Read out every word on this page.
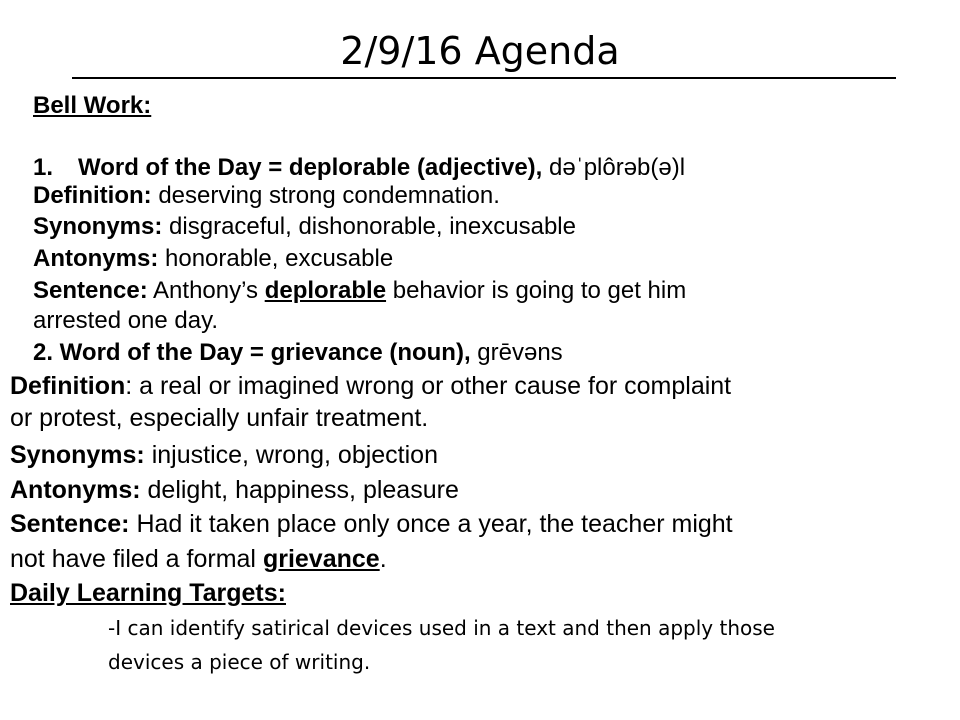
2/9/16 Agenda
Bell Work:
1. Word of the Day = deplorable (adjective), dəˈplôrəb(ə)l
Definition: deserving strong condemnation.
Synonyms: disgraceful, dishonorable, inexcusable
Antonyms: honorable, excusable
Sentence: Anthony’s deplorable behavior is going to get him
arrested one day.
2. Word of the Day = grievance (noun), grēvəns
Definition: a real or imagined wrong or other cause for complaint
or protest, especially unfair treatment.
Synonyms: injustice, wrong, objection
Antonyms: delight, happiness, pleasure
Sentence: Had it taken place only once a year, the teacher might
not have filed a formal grievance.
Daily Learning Targets:
-I can identify satirical devices used in a text and then apply those
devices a piece of writing.
